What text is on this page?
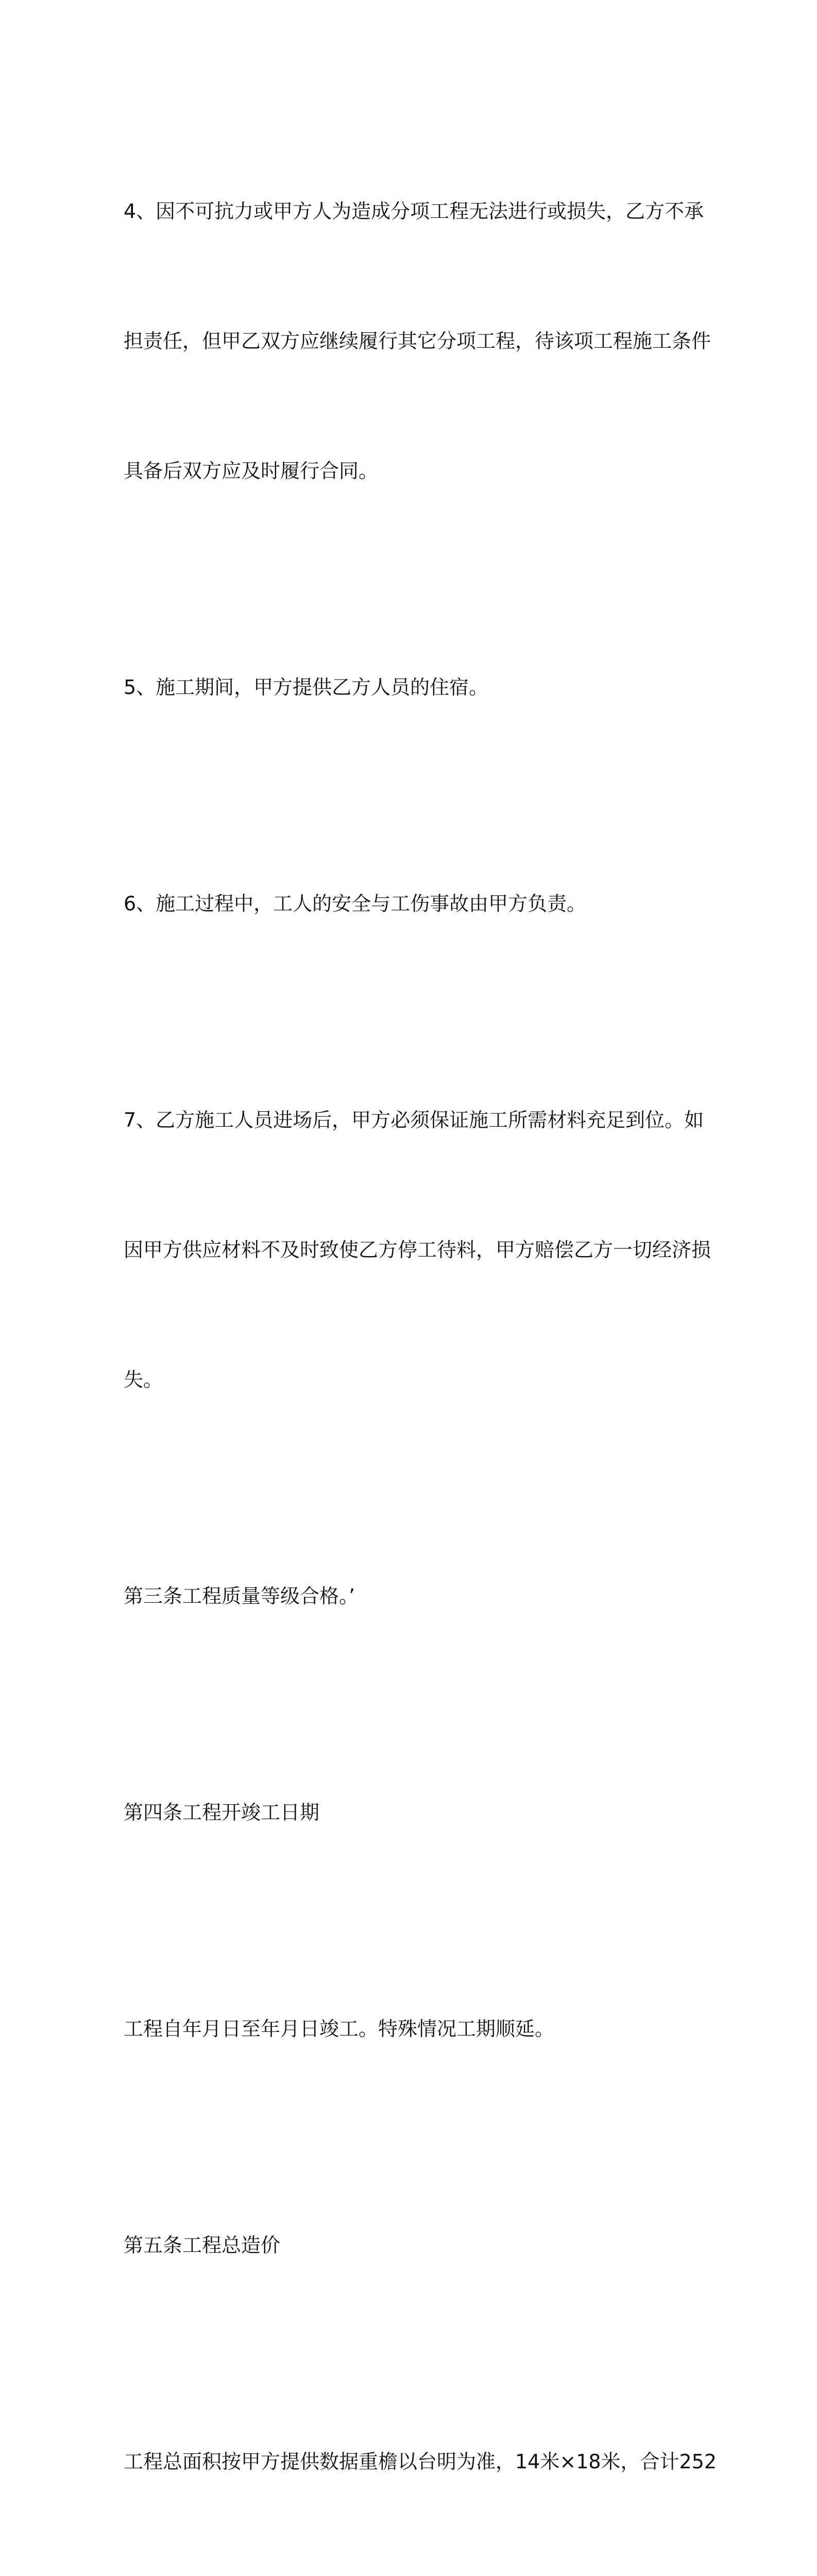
4、因不可抗力或甲方人为造成分项工程无法进行或损失，乙方不承

担责任，但甲乙双方应继续履行其它分项工程，待该项工程施工条件

具备后双方应及时履行合同。

5、施工期间，甲方提供乙方人员的住宿。

6、施工过程中，工人的安全与工伤事故由甲方负责。

7、乙方施工人员进场后，甲方必须保证施工所需材料充足到位。如

因甲方供应材料不及时致使乙方停工待料，甲方赔偿乙方一切经济损

失。

第三条工程质量等级合格。’

第四条工程开竣工日期

工程自年月日至年月日竣工。特殊情况工期顺延。

第五条工程总造价

工程总面积按甲方提供数据重檐以台明为准，14米×18米，合计252
